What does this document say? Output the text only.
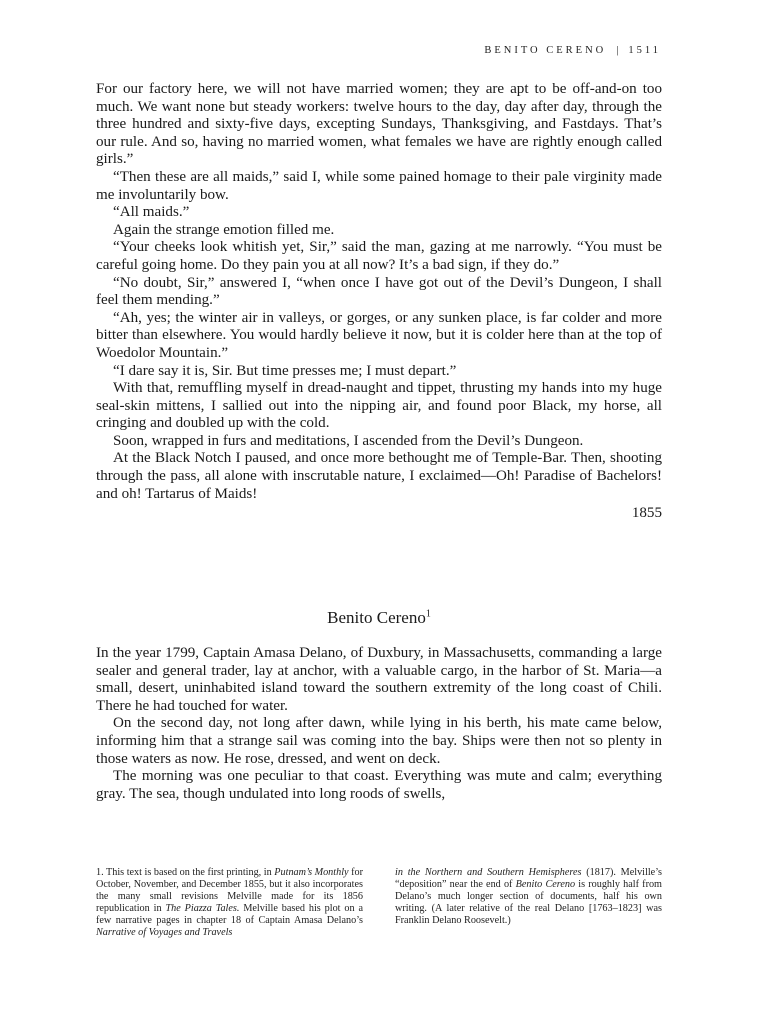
BENITO CERENO | 1511

For our factory here, we will not have married women; they are apt to be off-and-on too much. We want none but steady workers: twelve hours to the day, day after day, through the three hundred and sixty-five days, excepting Sundays, Thanksgiving, and Fastdays. That’s our rule. And so, having no married women, what females we have are rightly enough called girls.”

“Then these are all maids,” said I, while some pained homage to their pale virginity made me involuntarily bow.

“All maids.”

Again the strange emotion filled me.

“Your cheeks look whitish yet, Sir,” said the man, gazing at me narrowly. “You must be careful going home. Do they pain you at all now? It’s a bad sign, if they do.”

“No doubt, Sir,” answered I, “when once I have got out of the Devil’s Dungeon, I shall feel them mending.”

“Ah, yes; the winter air in valleys, or gorges, or any sunken place, is far colder and more bitter than elsewhere. You would hardly believe it now, but it is colder here than at the top of Woedolor Mountain.”

“I dare say it is, Sir. But time presses me; I must depart.”

With that, remuffling myself in dread-naught and tippet, thrusting my hands into my huge seal-skin mittens, I sallied out into the nipping air, and found poor Black, my horse, all cringing and doubled up with the cold.

Soon, wrapped in furs and meditations, I ascended from the Devil’s Dungeon.

At the Black Notch I paused, and once more bethought me of Temple-Bar. Then, shooting through the pass, all alone with inscrutable nature, I exclaimed—Oh! Paradise of Bachelors! and oh! Tartarus of Maids!

1855

Benito Cereno$^1$

In the year 1799, Captain Amasa Delano, of Duxbury, in Massachusetts, commanding a large sealer and general trader, lay at anchor, with a valuable cargo, in the harbor of St. Maria—a small, desert, uninhabited island toward the southern extremity of the long coast of Chili. There he had touched for water.

On the second day, not long after dawn, while lying in his berth, his mate came below, informing him that a strange sail was coming into the bay. Ships were then not so plenty in those waters as now. He rose, dressed, and went on deck.

The morning was one peculiar to that coast. Everything was mute and calm; everything gray. The sea, though undulated into long roods of swells,

1. This text is based on the first printing, in Putnam’s Monthly for October, November, and December 1855, but it also incorporates the many small revisions Melville made for its 1856 republication in The Piazza Tales. Melville based his plot on a few narrative pages in chapter 18 of Captain Amasa Delano’s Narrative of Voyages and Travels

in the Northern and Southern Hemispheres (1817). Melville’s “deposition” near the end of Benito Cereno is roughly half from Delano’s much longer section of documents, half his own writing. (A later relative of the real Delano [1763–1823] was Franklin Delano Roosevelt.)
